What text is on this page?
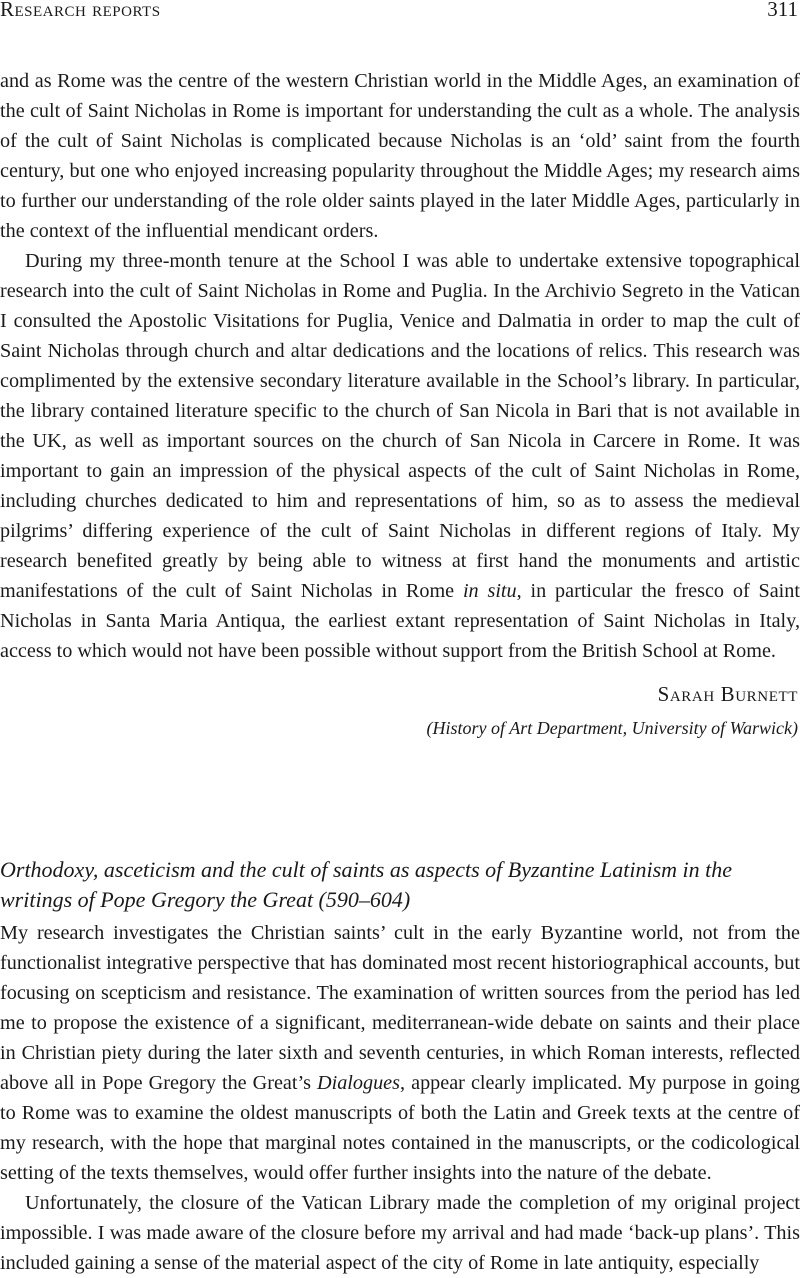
Research reports	311

and as Rome was the centre of the western Christian world in the Middle Ages, an examination of the cult of Saint Nicholas in Rome is important for understanding the cult as a whole. The analysis of the cult of Saint Nicholas is complicated because Nicholas is an ‘old’ saint from the fourth century, but one who enjoyed increasing popularity throughout the Middle Ages; my research aims to further our understanding of the role older saints played in the later Middle Ages, particularly in the context of the influential mendicant orders.

During my three-month tenure at the School I was able to undertake extensive topographical research into the cult of Saint Nicholas in Rome and Puglia. In the Archivio Segreto in the Vatican I consulted the Apostolic Visitations for Puglia, Venice and Dalmatia in order to map the cult of Saint Nicholas through church and altar dedications and the locations of relics. This research was complimented by the extensive secondary literature available in the School’s library. In particular, the library contained literature specific to the church of San Nicola in Bari that is not available in the UK, as well as important sources on the church of San Nicola in Carcere in Rome. It was important to gain an impression of the physical aspects of the cult of Saint Nicholas in Rome, including churches dedicated to him and representations of him, so as to assess the medieval pilgrims’ differing experience of the cult of Saint Nicholas in different regions of Italy. My research benefited greatly by being able to witness at first hand the monuments and artistic manifestations of the cult of Saint Nicholas in Rome in situ, in particular the fresco of Saint Nicholas in Santa Maria Antiqua, the earliest extant representation of Saint Nicholas in Italy, access to which would not have been possible without support from the British School at Rome.

Sarah Burnett
(History of Art Department, University of Warwick)
Orthodoxy, asceticism and the cult of saints as aspects of Byzantine Latinism in the writings of Pope Gregory the Great (590–604)

My research investigates the Christian saints’ cult in the early Byzantine world, not from the functionalist integrative perspective that has dominated most recent historiographical accounts, but focusing on scepticism and resistance. The examination of written sources from the period has led me to propose the existence of a significant, mediterranean-wide debate on saints and their place in Christian piety during the later sixth and seventh centuries, in which Roman interests, reflected above all in Pope Gregory the Great’s Dialogues, appear clearly implicated. My purpose in going to Rome was to examine the oldest manuscripts of both the Latin and Greek texts at the centre of my research, with the hope that marginal notes contained in the manuscripts, or the codicological setting of the texts themselves, would offer further insights into the nature of the debate.

Unfortunately, the closure of the Vatican Library made the completion of my original project impossible. I was made aware of the closure before my arrival and had made ‘back-up plans’. This included gaining a sense of the material aspect of the city of Rome in late antiquity, especially
